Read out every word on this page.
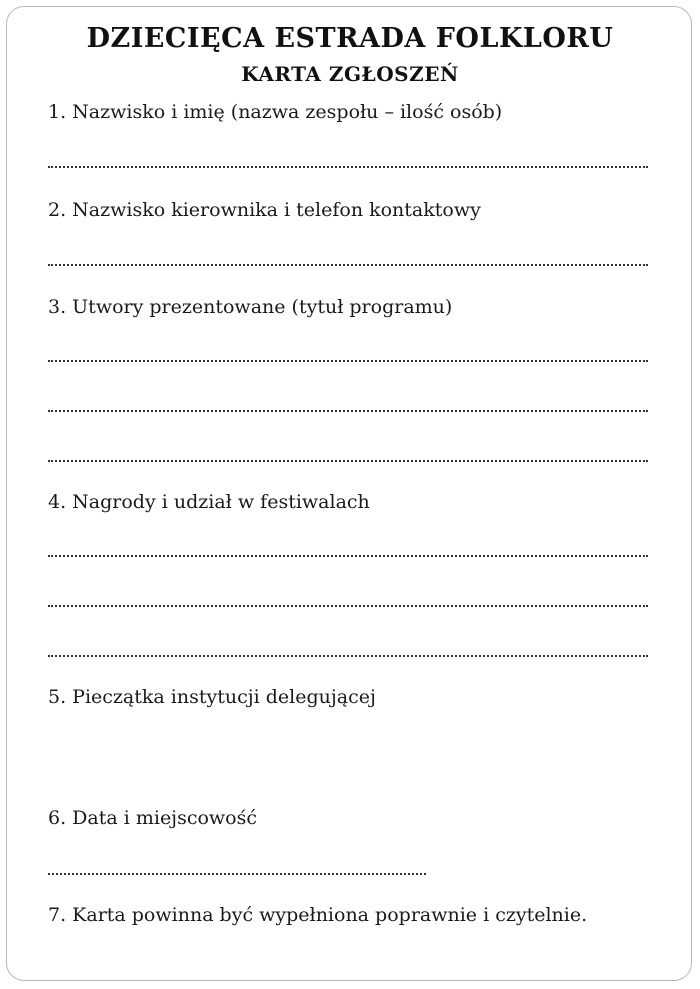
DZIECIĘCA ESTRADA FOLKLORU
KARTA ZGŁOSZEŃ
1. Nazwisko i imię (nazwa zespołu – ilość osób)
2. Nazwisko kierownika i telefon kontaktowy
3. Utwory prezentowane (tytuł programu)
4. Nagrody i udział w festiwalach
5. Pieczątka instytucji delegującej
6. Data i miejscowość
7. Karta powinna być wypełniona poprawnie i czytelnie.
